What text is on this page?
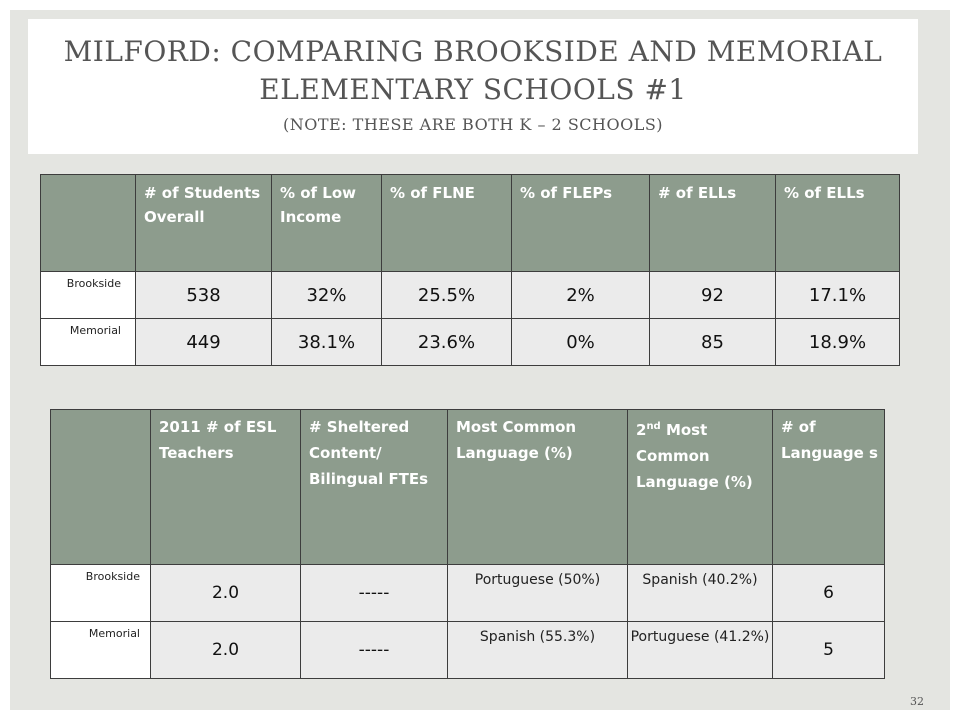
MILFORD: COMPARING BROOKSIDE AND MEMORIAL
ELEMENTARY SCHOOLS #1
(NOTE: THESE ARE BOTH K – 2 SCHOOLS)
	# of Students Overall	% of Low Income	% of FLNE	% of FLEPs	# of ELLs	% of ELLs
Brookside	538	32%	25.5%	2%	92	17.1%
Memorial	449	38.1%	23.6%	0%	85	18.9%
	2011 # of ESL Teachers	# Sheltered Content/ Bilingual FTEs	Most Common Language (%)	2nd Most Common Language (%)	# of Language s
Brookside	2.0	-----	Portuguese (50%)	Spanish (40.2%)	6
Memorial	2.0	-----	Spanish (55.3%)	Portuguese (41.2%)	5
32
